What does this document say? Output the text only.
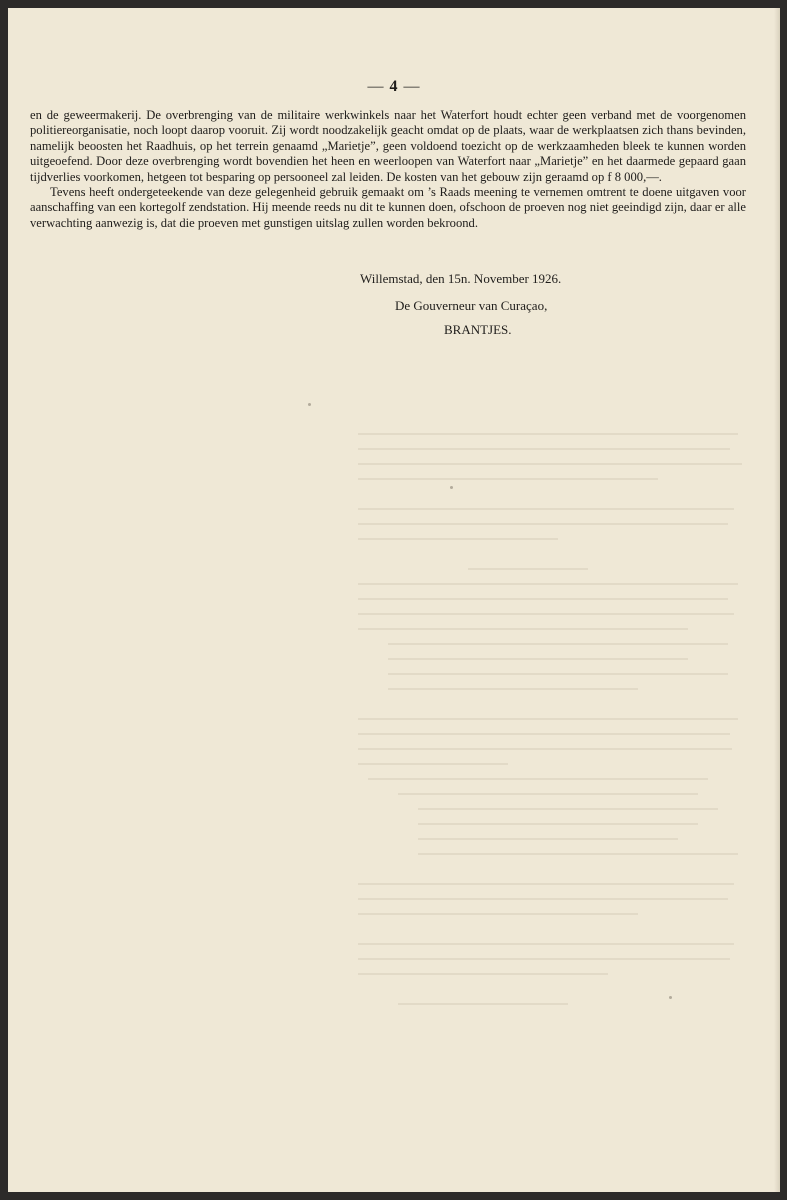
— 4 —

en de geweermakerij. De overbrenging van de militaire werkwinkels naar het Waterfort houdt echter geen verband met de voorgenomen politiereorganisatie, noch loopt daarop vooruit. Zij wordt noodzakelijk geacht omdat op de plaats, waar de werkplaatsen zich thans bevinden, namelijk beoosten het Raadhuis, op het terrein genaamd „Marietje”, geen voldoend toezicht op de werkzaamheden bleek te kunnen worden uitgeoefend. Door deze overbrenging wordt bovendien het heen en weerloopen van Waterfort naar „Marietje” en het daarmede gepaard gaan tijdverlies voorkomen, hetgeen tot besparing op persooneel zal leiden. De kosten van het gebouw zijn geraamd op f 8 000,—.

Tevens heeft ondergeteekende van deze gelegenheid gebruik gemaakt om ’s Raads meening te vernemen omtrent te doene uitgaven voor aanschaffing van een kortegolf zendstation. Hij meende reeds nu dit te kunnen doen, ofschoon de proeven nog niet geeindigd zijn, daar er alle verwachting aanwezig is, dat die proeven met gunstigen uitslag zullen worden bekroond.

Willemstad, den 15n. November 1926.
De Gouverneur van Curaçao,
BRANTJES.
